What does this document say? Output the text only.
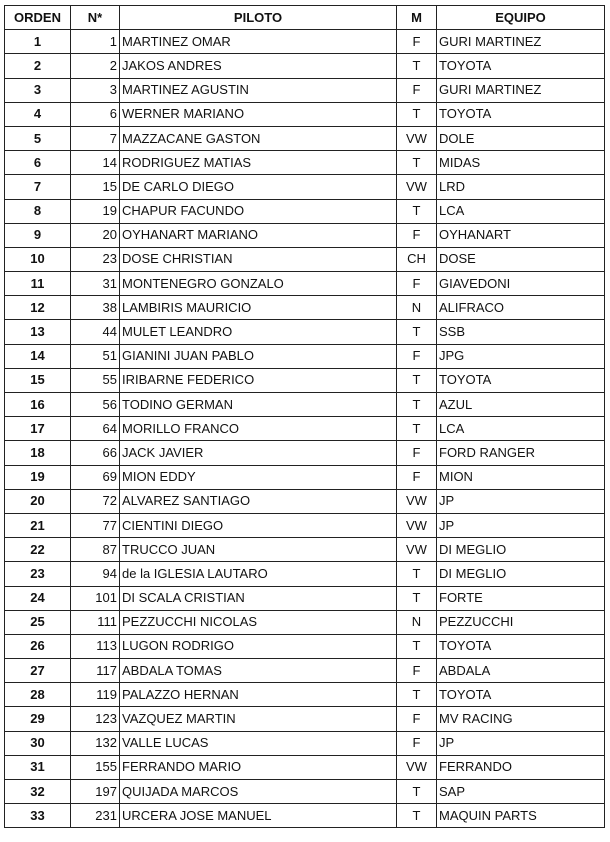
ORDEN	N*	PILOTO	M	EQUIPO
1	1	MARTINEZ OMAR	F	GURI MARTINEZ
2	2	JAKOS ANDRES	T	TOYOTA
3	3	MARTINEZ AGUSTIN	F	GURI MARTINEZ
4	6	WERNER MARIANO	T	TOYOTA
5	7	MAZZACANE GASTON	VW	DOLE
6	14	RODRIGUEZ MATIAS	T	MIDAS
7	15	DE CARLO DIEGO	VW	LRD
8	19	CHAPUR FACUNDO	T	LCA
9	20	OYHANART MARIANO	F	OYHANART
10	23	DOSE CHRISTIAN	CH	DOSE
11	31	MONTENEGRO GONZALO	F	GIAVEDONI
12	38	LAMBIRIS MAURICIO	N	ALIFRACO
13	44	MULET LEANDRO	T	SSB
14	51	GIANINI JUAN PABLO	F	JPG
15	55	IRIBARNE FEDERICO	T	TOYOTA
16	56	TODINO GERMAN	T	AZUL
17	64	MORILLO FRANCO	T	LCA
18	66	JACK JAVIER	F	FORD RANGER
19	69	MION EDDY	F	MION
20	72	ALVAREZ SANTIAGO	VW	JP
21	77	CIENTINI DIEGO	VW	JP
22	87	TRUCCO JUAN	VW	DI MEGLIO
23	94	de la IGLESIA LAUTARO	T	DI MEGLIO
24	101	DI SCALA CRISTIAN	T	FORTE
25	111	PEZZUCCHI NICOLAS	N	PEZZUCCHI
26	113	LUGON RODRIGO	T	TOYOTA
27	117	ABDALA TOMAS	F	ABDALA
28	119	PALAZZO HERNAN	T	TOYOTA
29	123	VAZQUEZ MARTIN	F	MV RACING
30	132	VALLE LUCAS	F	JP
31	155	FERRANDO MARIO	VW	FERRANDO
32	197	QUIJADA MARCOS	T	SAP
33	231	URCERA JOSE MANUEL	T	MAQUIN PARTS
